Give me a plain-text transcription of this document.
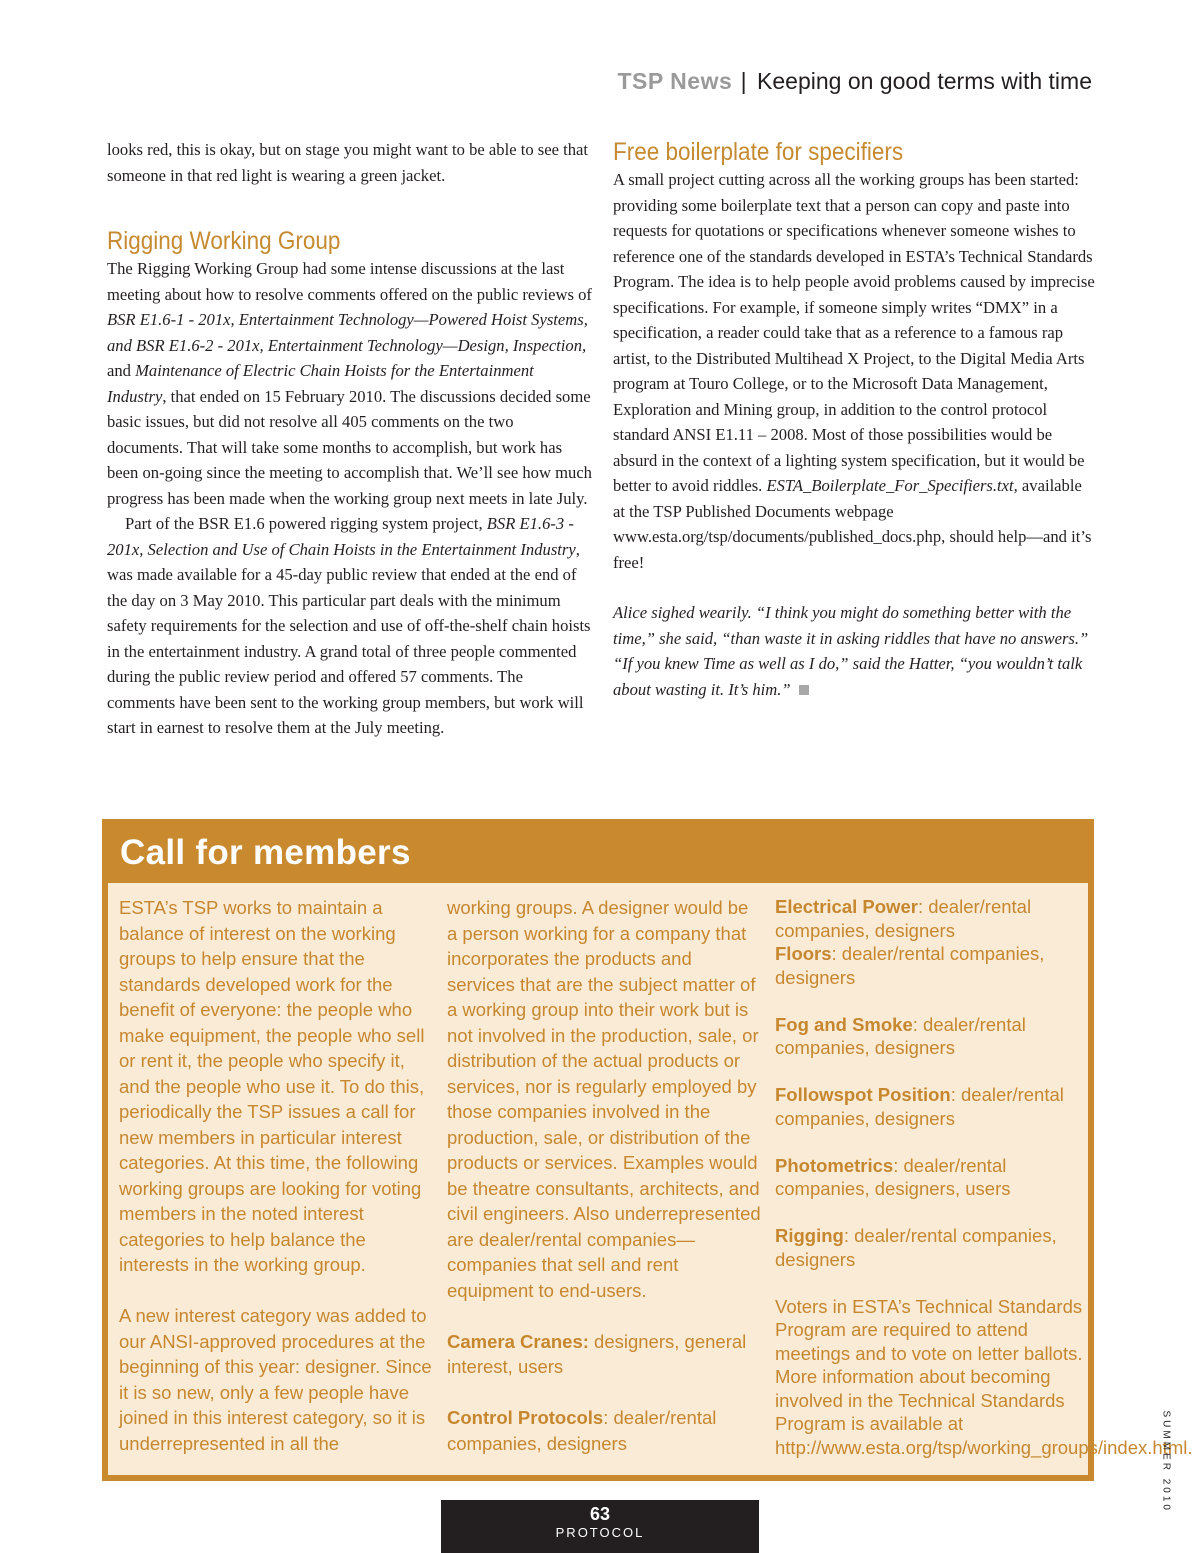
TSP News | Keeping on good terms with time

looks red, this is okay, but on stage you might want to be able to see that someone in that red light is wearing a green jacket.

Rigging Working Group

The Rigging Working Group had some intense discussions at the last meeting about how to resolve comments offered on the public reviews of BSR E1.6-1 - 201x, Entertainment Technology—Powered Hoist Systems, and BSR E1.6-2 - 201x, Entertainment Technology—Design, Inspection, and Maintenance of Electric Chain Hoists for the Entertainment Industry, that ended on 15 February 2010. The discussions decided some basic issues, but did not resolve all 405 comments on the two documents. That will take some months to accomplish, but work has been on-going since the meeting to accomplish that. We’ll see how much progress has been made when the working group next meets in late July.

Part of the BSR E1.6 powered rigging system project, BSR E1.6-3 - 201x, Selection and Use of Chain Hoists in the Entertainment Industry, was made available for a 45-day public review that ended at the end of the day on 3 May 2010. This particular part deals with the minimum safety requirements for the selection and use of off-the-shelf chain hoists in the entertainment industry. A grand total of three people commented during the public review period and offered 57 comments. The comments have been sent to the working group members, but work will start in earnest to resolve them at the July meeting.

Free boilerplate for specifiers

A small project cutting across all the working groups has been started: providing some boilerplate text that a person can copy and paste into requests for quotations or specifications whenever someone wishes to reference one of the standards developed in ESTA’s Technical Standards Program. The idea is to help people avoid problems caused by imprecise specifications. For example, if someone simply writes “DMX” in a specification, a reader could take that as a reference to a famous rap artist, to the Distributed Multihead X Project, to the Digital Media Arts program at Touro College, or to the Microsoft Data Management, Exploration and Mining group, in addition to the control protocol standard ANSI E1.11 – 2008. Most of those possibilities would be absurd in the context of a lighting system specification, but it would be better to avoid riddles. ESTA_Boilerplate_For_Specifiers.txt, available at the TSP Published Documents webpage www.esta.org/tsp/documents/published_docs.php, should help—and it’s free!

Alice sighed wearily. “I think you might do something better with the time,” she said, “than waste it in asking riddles that have no answers.” “If you knew Time as well as I do,” said the Hatter, “you wouldn’t talk about wasting it. It’s him.”

Call for members

ESTA’s TSP works to maintain a balance of interest on the working groups to help ensure that the standards developed work for the benefit of everyone: the people who make equipment, the people who sell or rent it, the people who specify it, and the people who use it. To do this, periodically the TSP issues a call for new members in particular interest categories. At this time, the following working groups are looking for voting members in the noted interest categories to help balance the interests in the working group.

A new interest category was added to our ANSI-approved procedures at the beginning of this year: designer. Since it is so new, only a few people have joined in this interest category, so it is underrepresented in all the

working groups. A designer would be a person working for a company that incorporates the products and services that are the subject matter of a working group into their work but is not involved in the production, sale, or distribution of the actual products or services, nor is regularly employed by those companies involved in the production, sale, or distribution of the products or services. Examples would be theatre consultants, architects, and civil engineers. Also underrepresented are dealer/rental companies—companies that sell and rent equipment to end-users.

Camera Cranes: designers, general interest, users

Control Protocols: dealer/rental companies, designers

Electrical Power: dealer/rental companies, designers

Floors: dealer/rental companies, designers

Fog and Smoke: dealer/rental companies, designers

Followspot Position: dealer/rental companies, designers

Photometrics: dealer/rental companies, designers, users

Rigging: dealer/rental companies, designers

Voters in ESTA’s Technical Standards Program are required to attend meetings and to vote on letter ballots. More information about becoming involved in the Technical Standards Program is available at http://www.esta.org/tsp/working_groups/index.html.

SUMMER 2010
63
PROTOCOL
